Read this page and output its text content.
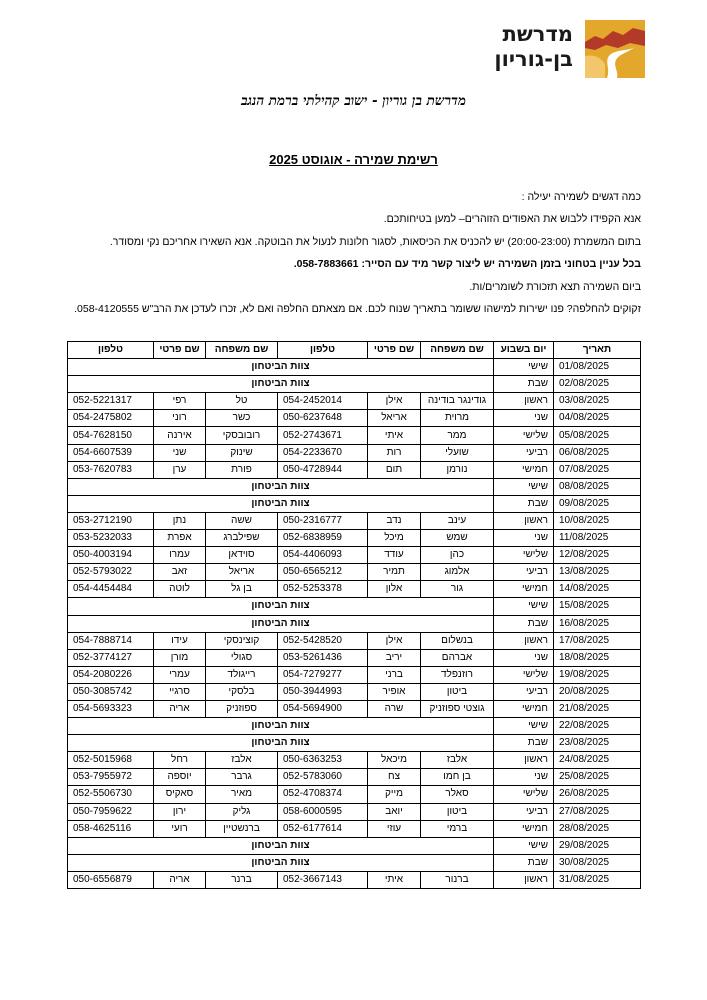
מדרשת
בן-גוריון
מדרשת בן גוריון - ישוב קהילתי ברמת הנגב
רשימת שמירה - אוגוסט 2025

כמה דגשים לשמירה יעילה :

אנא הקפידו ללבוש את האפודים הזוהרים– למען בטיחותכם.

בתום המשמרת (20:00-23:00) יש להכניס את הכיסאות, לסגור חלונות לנעול את הבוטקה. אנא השאירו אחריכם נקי ומסודר.

בכל עניין בטחוני בזמן השמירה יש ליצור קשר מיד עם הסייר: 058-7883661.

ביום השמירה תצא תזכורת לשומרים/ות.

זקוקים להחלפה? פנו ישירות למישהו ששומר בתאריך שנוח לכם. אם מצאתם החלפה ואם לא, זכרו לעדכן את הרב"ש 058-4120555.

תאריך	יום בשבוע	שם משפחה	שם פרטי	טלפון	שם משפחה	שם פרטי	טלפון
01/08/2025	שישי	צוות הביטחון					
02/08/2025	שבת	צוות הביטחון					
03/08/2025	ראשון	גודינגר בודינה	אילן	054-2452014	טל	רפי	052-5221317
04/08/2025	שני	מרוית	אריאל	050-6237648	כשר	רוני	054-2475802
05/08/2025	שלישי	ממר	איתי	052-2743671	רובובסקי	אירנה	054-7628150
06/08/2025	רביעי	שועלי	רות	054-2233670	שינוק	שני	054-6607539
07/08/2025	חמישי	נורמן	תום	050-4728944	פורת	ערן	053-7620783
08/08/2025	שישי	צוות הביטחון					
09/08/2025	שבת	צוות הביטחון					
10/08/2025	ראשון	עינב	נדב	050-2316777	ששה	נתן	053-2712190
11/08/2025	שני	שמש	מיכל	052-6838959	שפילברג	אפרת	053-5232033
12/08/2025	שלישי	כהן	עודד	054-4406093	סוידאן	עמרו	050-4003194
13/08/2025	רביעי	אלמוג	תמיר	050-6565212	אריאל	זאב	052-5793022
14/08/2025	חמישי	גור	אלון	052-5253378	בן גל	לוטה	054-4454484
15/08/2025	שישי	צוות הביטחון					
16/08/2025	שבת	צוות הביטחון					
17/08/2025	ראשון	בנשלום	אילן	052-5428520	קוצינסקי	עידו	054-7888714
18/08/2025	שני	אברהם	יריב	053-5261436	סגולי	מורן	052-3774127
19/08/2025	שלישי	רוזנפלד	ברני	054-7279277	רייגולד	עמרי	054-2080226
20/08/2025	רביעי	ביטון	אופיר	050-3944993	בלסקי	סרגיי	050-3085742
21/08/2025	חמישי	גוצטי ספוזניק	שרה	054-5694900	ספוזניק	אריה	054-5693323
22/08/2025	שישי	צוות הביטחון					
23/08/2025	שבת	צוות הביטחון					
24/08/2025	ראשון	אלבז	מיכאל	050-6363253	אלבז	רחל	052-5015968
25/08/2025	שני	בן חמו	צח	052-5783060	גרבר	יוספה	053-7955972
26/08/2025	שלישי	סאלר	מייק	052-4708374	מאיר	סאקיס	052-5506730
27/08/2025	רביעי	ביטון	יואב	058-6000595	גליק	ירון	050-7959622
28/08/2025	חמישי	ברמי	עוזי	052-6177614	ברנשטיין	רועי	058-4625116
29/08/2025	שישי	צוות הביטחון					
30/08/2025	שבת	צוות הביטחון					
31/08/2025	ראשון	ברנור	איתי	052-3667143	ברנר	אריה	050-6556879
